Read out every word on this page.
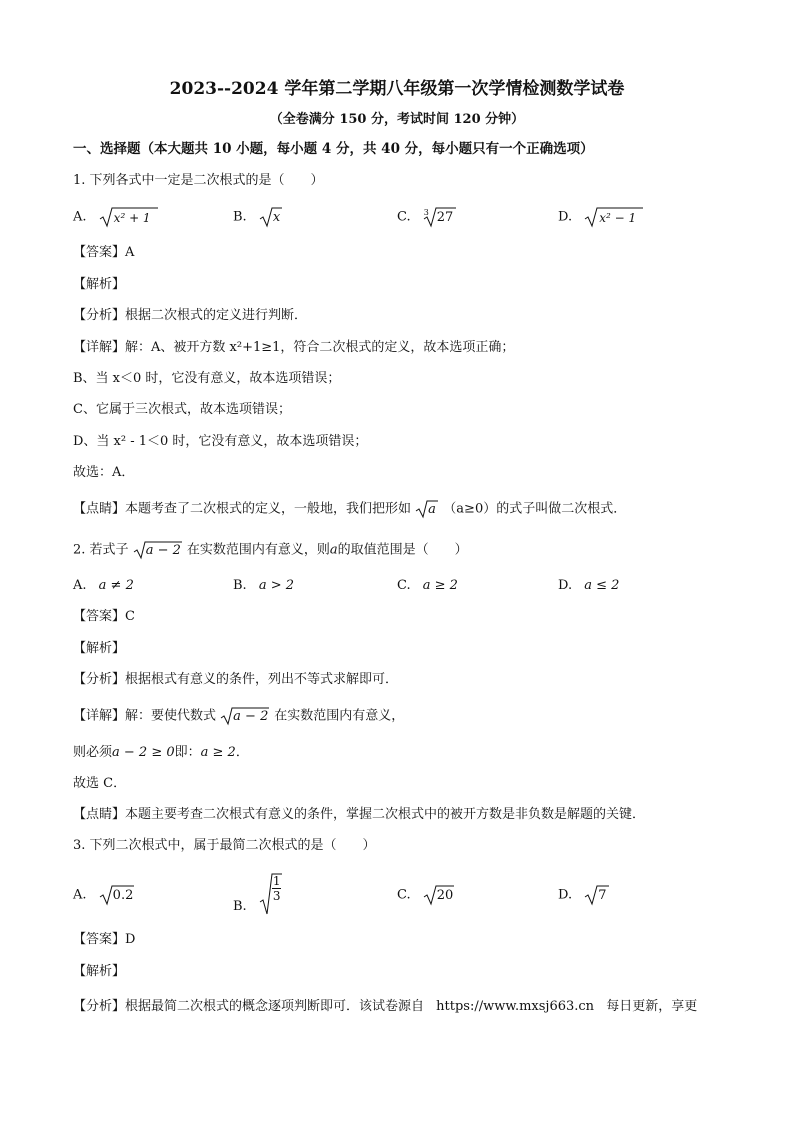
2023--2024 学年第二学期八年级第一次学情检测数学试卷
（全卷满分 150 分，考试时间 120 分钟）
一、选择题（本大题共 10 小题，每小题 4 分，共 40 分，每小题只有一个正确选项）
1. 下列各式中一定是二次根式的是（　　）
A. x² + 1	B. x	C. 3 27	D. x² − 1
【答案】A
【解析】
【分析】根据二次根式的定义进行判断．
【详解】解：A、被开方数 x²+1≥1，符合二次根式的定义，故本选项正确；
B、当 x＜0 时，它没有意义，故本选项错误；
C、它属于三次根式，故本选项错误；
D、当 x² - 1＜0 时，它没有意义，故本选项错误；
故选：A．
【点睛】本题考查了二次根式的定义，一般地，我们把形如 a （a≥0）的式子叫做二次根式．
2. 若式子 a − 2 在实数范围内有意义，则a的取值范围是（　　）
A. a ≠ 2	B. a > 2	C. a ≥ 2	D. a ≤ 2
【答案】C
【解析】
【分析】根据根式有意义的条件，列出不等式求解即可．
【详解】解：要使代数式 a − 2 在实数范围内有意义，
则必须a − 2 ≥ 0即：a ≥ 2．
故选 C．
【点睛】本题主要考查二次根式有意义的条件，掌握二次根式中的被开方数是非负数是解题的关键．
3. 下列二次根式中，属于最简二次根式的是（　　）
A. 0.2
B.
$\frac{1}{3}$	C. 20	D. 7
【答案】D
【解析】
【分析】根据最简二次根式的概念逐项判断即可．该试卷源自 https://www.mxsj663.cn 每日更新，享更
